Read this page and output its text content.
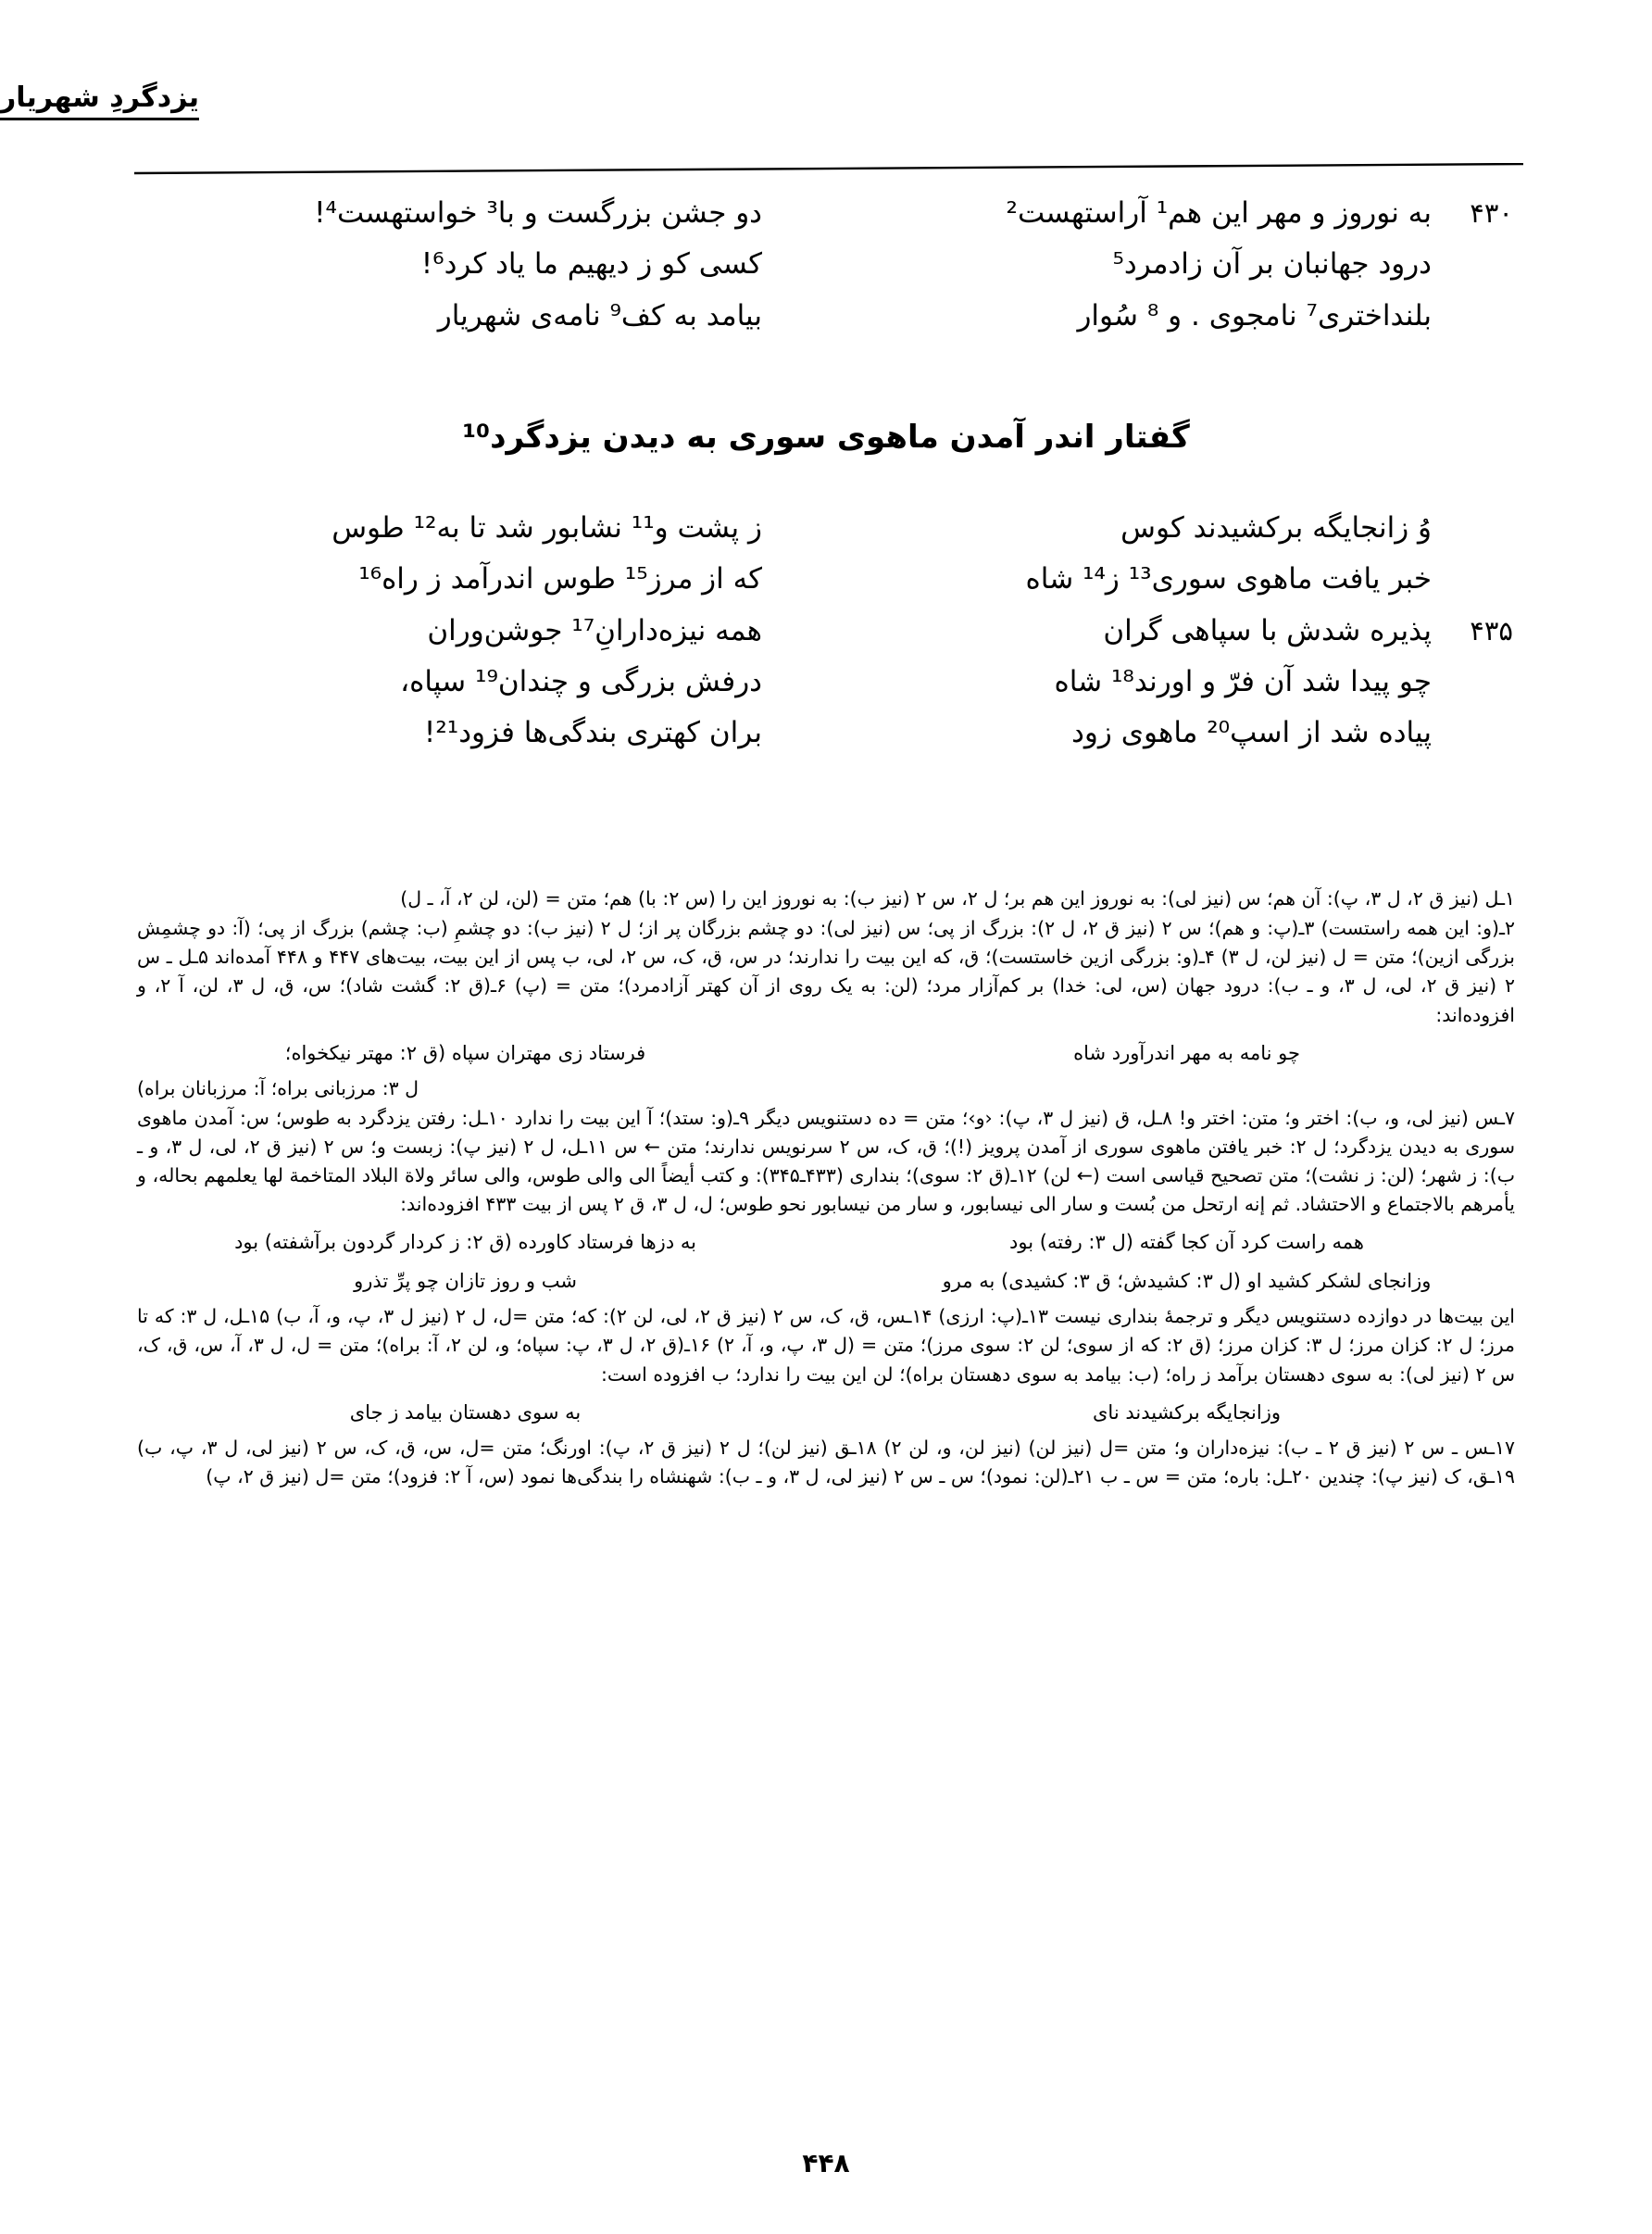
یزدگردِ شهریار
۴۳۰
به نوروز و مهر این هم¹ آراستهست²
دو جشن بزرگست و با³ خواستهست⁴!
درود جهانبان بر آن زادمرد⁵
کسی کو ز دیهیم ما یاد کرد⁶!
بلنداختری⁷ نامجوی . و ⁸ سُوار
بیامد به کف⁹ نامه‌ی شهریار
گفتار اندر آمدن ماهوی سوری به دیدن یزدگرد¹⁰
وُ زانجایگه برکشیدند کوس
ز پشت و¹¹ نشابور شد تا به¹² طوس
خبر یافت ماهوی سوری¹³ ز¹⁴ شاه
که از مرز¹⁵ طوس اندرآمد ز راه¹⁶
۴۳۵
پذیره شدش با سپاهی گران
همه نیزه‌دارانِ¹⁷ جوشن‌وران
چو پیدا شد آن فرّ و اورند¹⁸ شاه
درفش بزرگی و چندان¹⁹ سپاه،
پیاده شد از اسپ²⁰ ماهوی زود
بران کهتری بندگی‌ها فزود²¹!

۱ـل (نیز ق ۲، ل ۳، پ): آن هم؛ س (نیز لی): به نوروز این هم بر؛ ل ۲، س ۲ (نیز ب): به نوروز این را (س ۲: با) هم؛ متن = (لن، لن ۲، آ، ـ ل)

۲ـ(و: این همه راستست) ۳ـ(پ: و هم)؛ س ۲ (نیز ق ۲، ل ۲): بزرگ از پی؛ س (نیز لی): دو چشم بزرگان پر از؛ ل ۲ (نیز ب): دو چشمِ (ب: چشم) بزرگ از پی؛ (آ: دو چشمِش بزرگی ازین)؛ متن = ل (نیز لن، ل ۳) ۴ـ(و: بزرگی ازین خاستست)؛ ق، که این بیت را ندارند؛ در س، ق، ک، س ۲، لی، ب پس از این بیت، بیت‌های ۴۴۷ و ۴۴۸ آمده‌اند ۵ـل ـ س ۲ (نیز ق ۲، لی، ل ۳، و ـ ب): درود جهان (س، لی: خدا) بر کم‌آزار مرد؛ (لن: به یک روی از آن کهتر آزادمرد)؛ متن = (پ) ۶ـ(ق ۲: گشت شاد)؛ س، ق، ل ۳، لن، آ ۲، و افزوده‌اند:

چو نامه به مهر اندرآورد شاه
فرستاد زی مهتران سپاه (ق ۲: مهتر نیکخواه؛

ل ۳: مرزبانی براه؛ آ: مرزبانان براه)

۷ـس (نیز لی، و، ب): اختر و؛ متن: اختر و! ۸ـل، ق (نیز ل ۳، پ): ‹و›؛ متن = ده دستنویس دیگر ۹ـ(و: ستد)؛ آ این بیت را ندارد ۱۰ـل: رفتن یزدگرد به طوس؛ س: آمدن ماهوی سوری به دیدن یزدگرد؛ ل ۲: خبر یافتن ماهوی سوری از آمدن پرویز (!)؛ ق، ک، س ۲ سرنویس ندارند؛ متن ← س ۱۱ـل، ل ۲ (نیز پ): زبست و؛ س ۲ (نیز ق ۲، لی، ل ۳، و ـ ب): ز شهر؛ (لن: ز نشت)؛ متن تصحیح قیاسی است (← لن) ۱۲ـ(ق ۲: سوی)؛ بنداری (۴۳۳ـ۳۴۵): و کتب أیضاً الی والی طوس، والی سائر ولاة البلاد المتاخمة لها یعلمهم بحاله، و یأمرهم بالاجتماع و الاحتشاد. ثم إنه ارتحل من بُست و سار الی نیسابور، و سار من نیسابور نحو طوس؛ ل، ل ۳، ق ۲ پس از بیت ۴۳۳ افزوده‌اند:

همه راست کرد آن کجا گفته (ل ۳: رفته) بود
به دزها فرستاد کاورده (ق ۲: ز کردار گردون برآشفته) بود
وزانجای لشکر کشید او (ل ۳: کشیدش؛ ق ۳: کشیدی) به مرو
شب و روز تازان چو پرِّ تذرو

این بیت‌ها در دوازده دستنویس دیگر و ترجمهٔ بنداری نیست ۱۳ـ(پ: ارزی) ۱۴ـس، ق، ک، س ۲ (نیز ق ۲، لی، لن ۲): که؛ متن =ل، ل ۲ (نیز ل ۳، پ، و، آ، ب) ۱۵ـل، ل ۳: که تا مرز؛ ل ۲: کزان مرز؛ ل ۳: کزان مرز؛ (ق ۲: که از سوی؛ لن ۲: سوی مرز)؛ متن = (ل ۳، پ، و، آ، ۲) ۱۶ـ(ق ۲، ل ۳، پ: سپاه؛ و، لن ۲، آ: براه)؛ متن = ل، ل ۳، آ، س، ق، ک، س ۲ (نیز لی): به سوی دهستان برآمد ز راه؛ (ب: بیامد به سوی دهستان براه)؛ لن این بیت را ندارد؛ ب افزوده است:

وزانجایگه برکشیدند نای
به سوی دهستان بیامد ز جای

۱۷ـس ـ س ۲ (نیز ق ۲ ـ ب): نیزه‌داران و؛ متن =ل (نیز لن) (نیز لن، و، لن ۲) ۱۸ـق (نیز لن)؛ ل ۲ (نیز ق ۲، پ): اورنگ؛ متن =ل، س، ق، ک، س ۲ (نیز لی، ل ۳، پ، ب) ۱۹ـق، ک (نیز پ): چندین ۲۰ـل: باره؛ متن = س ـ ب ۲۱ـ(لن: نمود)؛ س ـ س ۲ (نیز لی، ل ۳، و ـ ب): شهنشاه را بندگی‌ها نمود (س، آ ۲: فزود)؛ متن =ل (نیز ق ۲، پ)

۴۴۸
